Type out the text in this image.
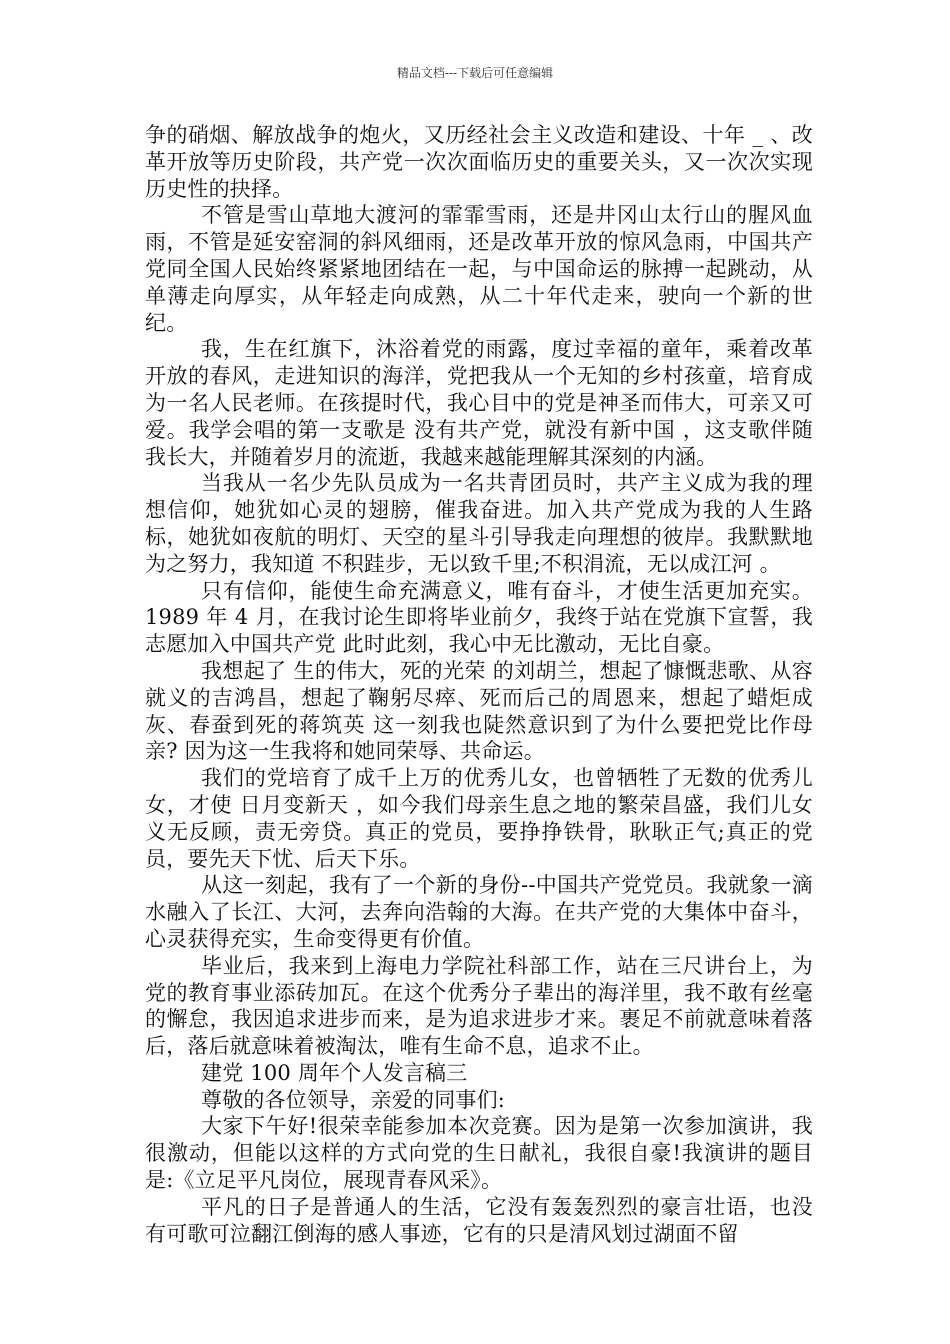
精品文档---下载后可任意编辑

争的硝烟、解放战争的炮火，又历经社会主义改造和建设、十年 _ 、改革开放等历史阶段，共产党一次次面临历史的重要关头，又一次次实现历史性的抉择。

不管是雪山草地大渡河的霏霏雪雨，还是井冈山太行山的腥风血雨，不管是延安窑洞的斜风细雨，还是改革开放的惊风急雨，中国共产党同全国人民始终紧紧地团结在一起，与中国命运的脉搏一起跳动，从单薄走向厚实，从年轻走向成熟，从二十年代走来，驶向一个新的世纪。

我，生在红旗下，沐浴着党的雨露，度过幸福的童年，乘着改革开放的春风，走进知识的海洋，党把我从一个无知的乡村孩童，培育成为一名人民老师。在孩提时代，我心目中的党是神圣而伟大，可亲又可爱。我学会唱的第一支歌是 没有共产党，就没有新中国 ，这支歌伴随我长大，并随着岁月的流逝，我越来越能理解其深刻的内涵。

当我从一名少先队员成为一名共青团员时，共产主义成为我的理想信仰，她犹如心灵的翅膀，催我奋进。加入共产党成为我的人生路标，她犹如夜航的明灯、天空的星斗引导我走向理想的彼岸。我默默地为之努力，我知道 不积跬步，无以致千里;不积涓流，无以成江河 。

只有信仰，能使生命充满意义，唯有奋斗，才使生活更加充实。1989 年 4 月，在我讨论生即将毕业前夕，我终于站在党旗下宣誓，我志愿加入中国共产党 此时此刻，我心中无比激动，无比自豪。

我想起了 生的伟大，死的光荣 的刘胡兰，想起了慷慨悲歌、从容就义的吉鸿昌，想起了鞠躬尽瘁、死而后己的周恩来，想起了蜡炬成灰、春蚕到死的蒋筑英 这一刻我也陡然意识到了为什么要把党比作母亲? 因为这一生我将和她同荣辱、共命运。

我们的党培育了成千上万的优秀儿女，也曾牺牲了无数的优秀儿女，才使 日月变新天 ，如今我们母亲生息之地的繁荣昌盛，我们儿女义无反顾，责无旁贷。真正的党员，要挣挣铁骨，耿耿正气;真正的党员，要先天下忧、后天下乐。

从这一刻起，我有了一个新的身份--中国共产党党员。我就象一滴水融入了长江、大河，去奔向浩翰的大海。在共产党的大集体中奋斗，心灵获得充实，生命变得更有价值。

毕业后，我来到上海电力学院社科部工作，站在三尺讲台上，为党的教育事业添砖加瓦。在这个优秀分子辈出的海洋里，我不敢有丝毫的懈怠，我因追求进步而来，是为追求进步才来。裹足不前就意味着落后，落后就意味着被淘汰，唯有生命不息，追求不止。

建党 100 周年个人发言稿三

尊敬的各位领导，亲爱的同事们:

大家下午好!很荣幸能参加本次竞赛。因为是第一次参加演讲，我很激动，但能以这样的方式向党的生日献礼，我很自豪!我演讲的题目是:《立足平凡岗位，展现青春风采》。

平凡的日子是普通人的生活，它没有轰轰烈烈的豪言壮语，也没有可歌可泣翻江倒海的感人事迹，它有的只是清风划过湖面不留
